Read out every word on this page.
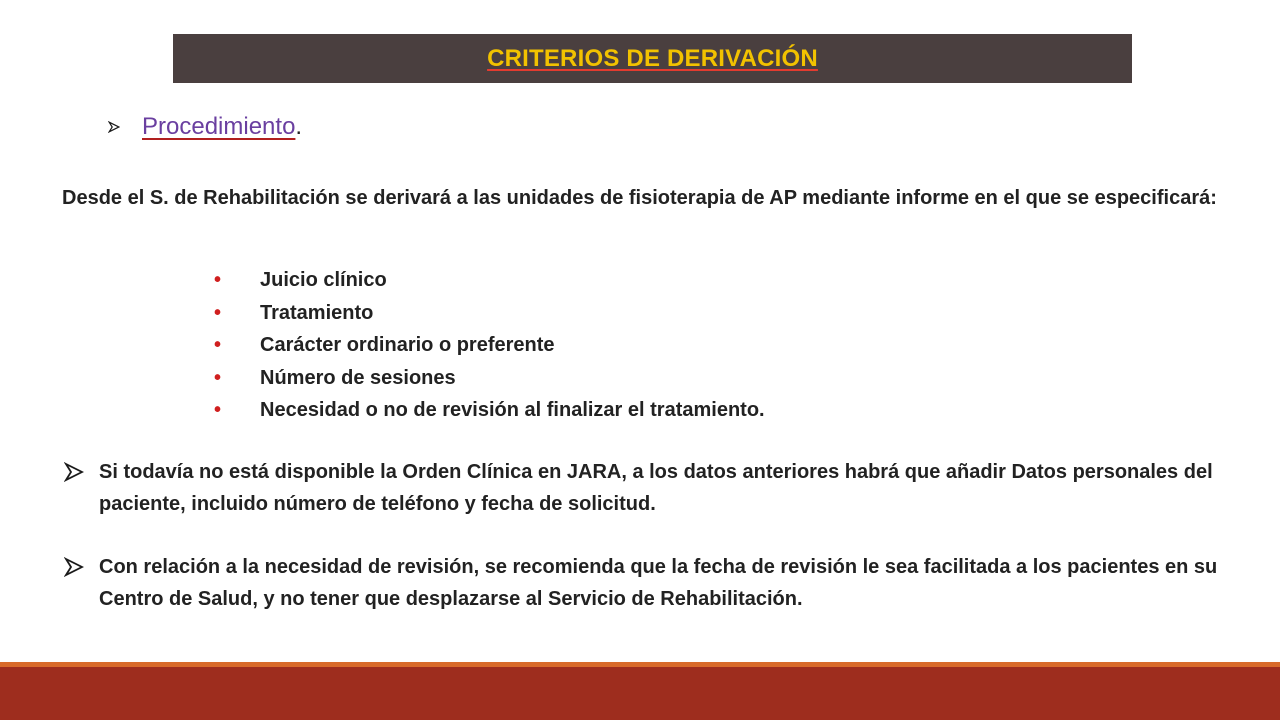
CRITERIOS DE DERIVACIÓN
Procedimiento.
Desde el S. de Rehabilitación se derivará a las unidades de fisioterapia de AP mediante informe en el que se especificará:
•	Juicio clínico
•	Tratamiento
•	Carácter ordinario o preferente
•	Número de sesiones
•	Necesidad o no de revisión al finalizar el tratamiento.
Si todavía no está disponible la Orden Clínica en JARA, a los datos anteriores habrá que añadir Datos personales del paciente, incluido número de teléfono y fecha de solicitud.
Con relación a la necesidad de revisión, se recomienda que la fecha de revisión le sea facilitada a los pacientes en su Centro de Salud, y no tener que desplazarse al Servicio de Rehabilitación.
